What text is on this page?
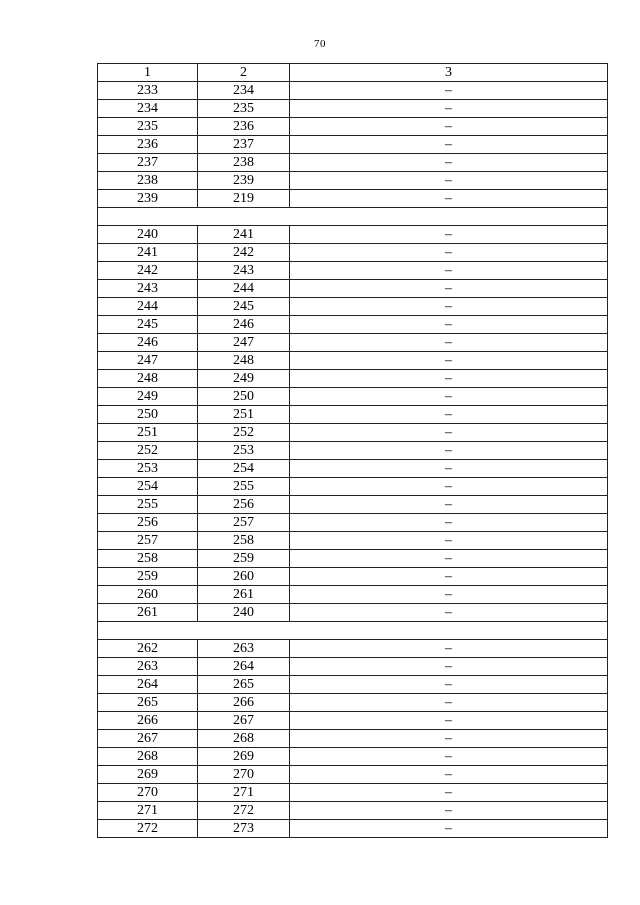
70
1	2	3
233	234	–
234	235	–
235	236	–
236	237	–
237	238	–
238	239	–
239	219	–

240	241	–
241	242	–
242	243	–
243	244	–
244	245	–
245	246	–
246	247	–
247	248	–
248	249	–
249	250	–
250	251	–
251	252	–
252	253	–
253	254	–
254	255	–
255	256	–
256	257	–
257	258	–
258	259	–
259	260	–
260	261	–
261	240	–

262	263	–
263	264	–
264	265	–
265	266	–
266	267	–
267	268	–
268	269	–
269	270	–
270	271	–
271	272	–
272	273	–
